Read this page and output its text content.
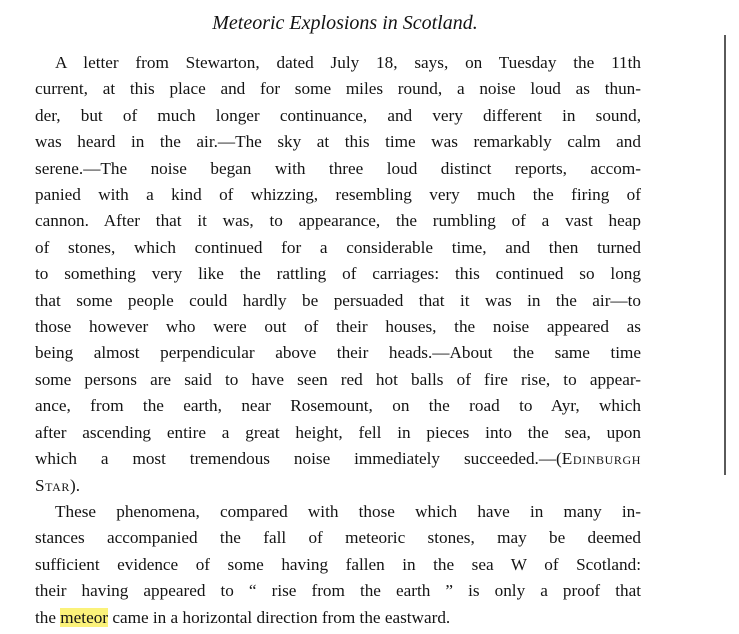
Meteoric Explosions in Scotland.
A letter from Stewarton, dated July 18, says, on Tuesday the 11th
current, at this place and for some miles round, a noise loud as thun-
der, but of much longer continuance, and very different in sound,
was heard in the air.—The sky at this time was remarkably calm and
serene.—The noise began with three loud distinct reports, accom-
panied with a kind of whizzing, resembling very much the firing of
cannon. After that it was, to appearance, the rumbling of a vast heap
of stones, which continued for a considerable time, and then turned
to something very like the rattling of carriages: this continued so long
that some people could hardly be persuaded that it was in the air—to
those however who were out of their houses, the noise appeared as
being almost perpendicular above their heads.—About the same time
some persons are said to have seen red hot balls of fire rise, to appear-
ance, from the earth, near Rosemount, on the road to Ayr, which
after ascending entire a great height, fell in pieces into the sea, upon
which a most tremendous noise immediately succeeded.—(Edinburgh
Star).
These phenomena, compared with those which have in many in-
stances accompanied the fall of meteoric stones, may be deemed
sufficient evidence of some having fallen in the sea W of Scotland:
their having appeared to “ rise from the earth ” is only a proof that
the meteor came in a horizontal direction from the eastward.
